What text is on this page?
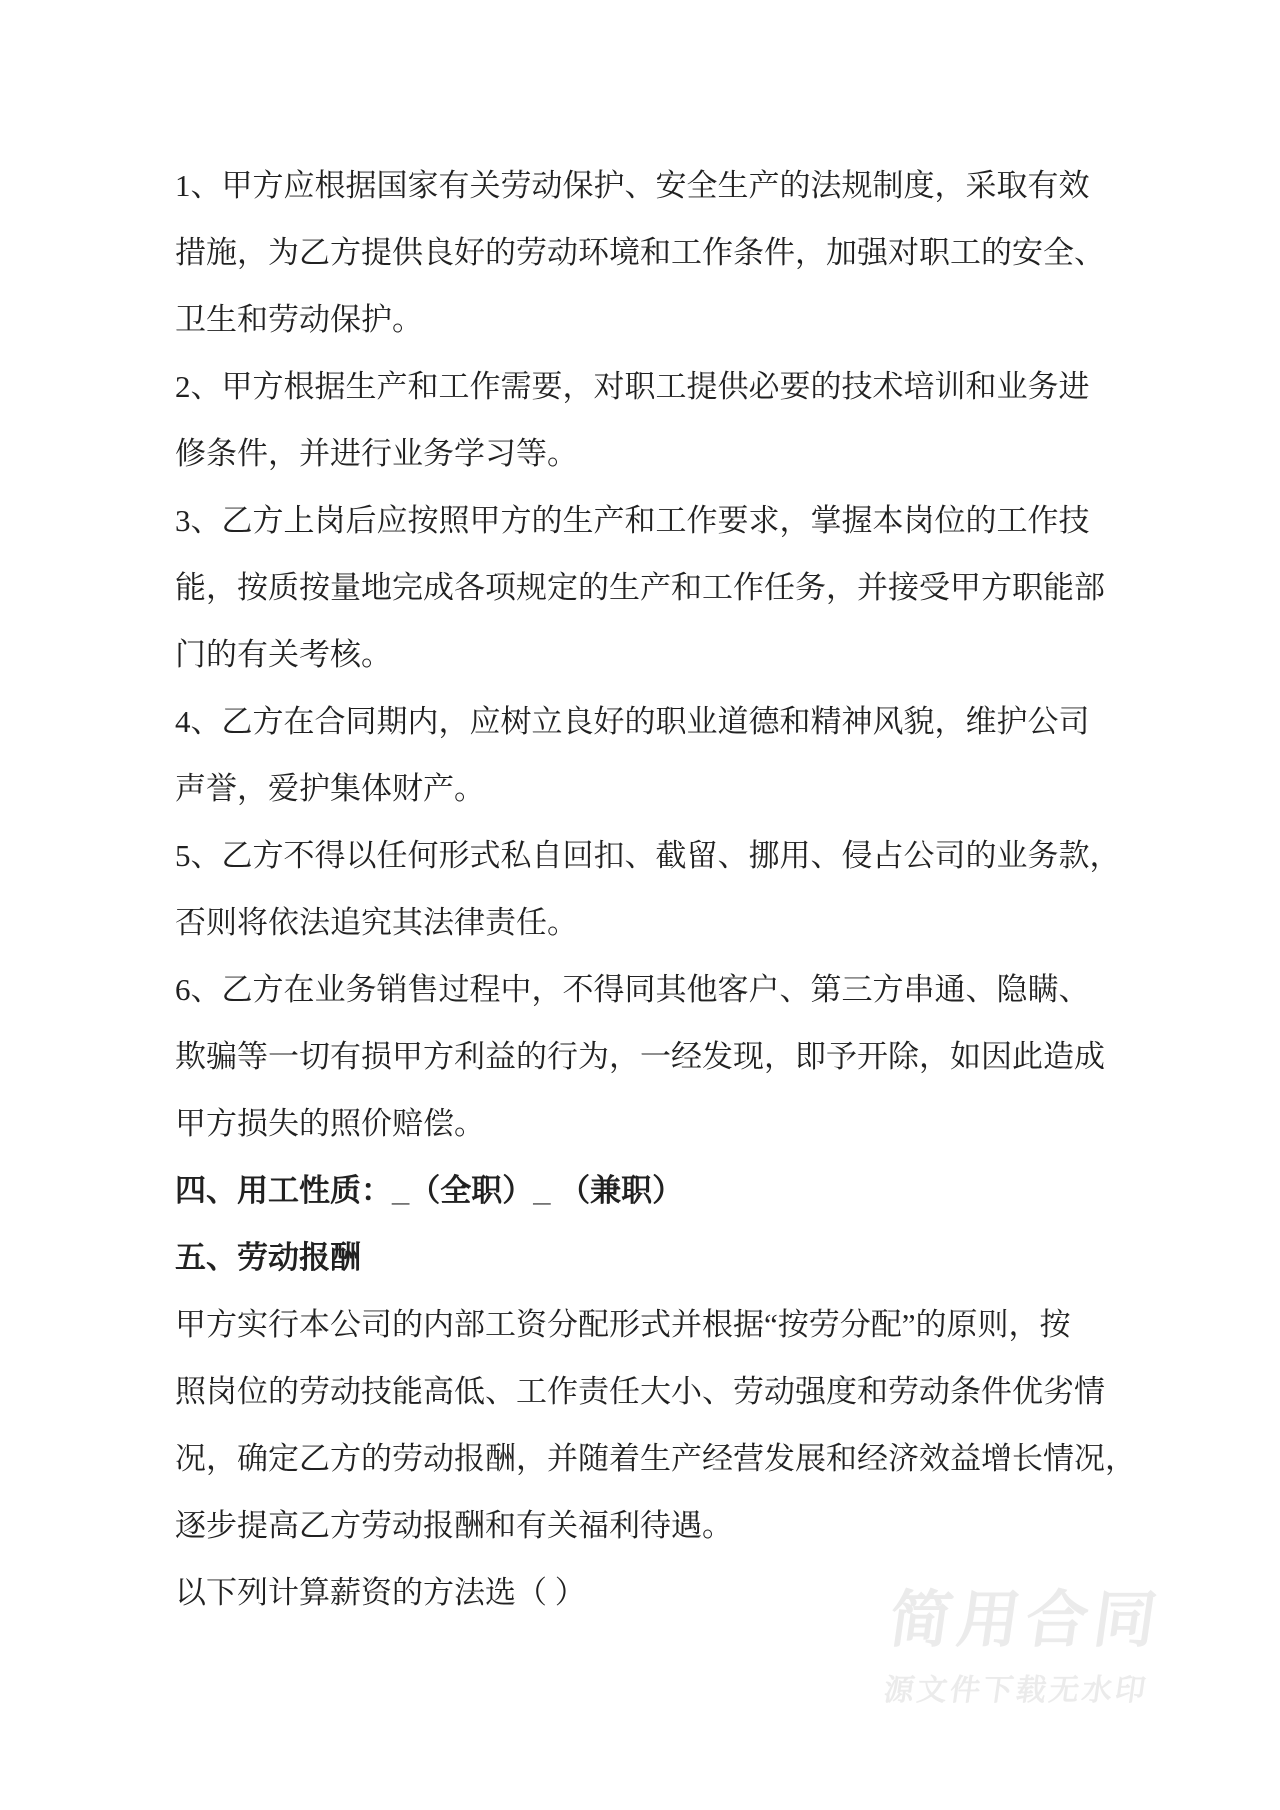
1、甲方应根据国家有关劳动保护、安全生产的法规制度，采取有效
措施，为乙方提供良好的劳动环境和工作条件，加强对职工的安全、
卫生和劳动保护。
2、甲方根据生产和工作需要，对职工提供必要的技术培训和业务进
修条件，并进行业务学习等。
3、乙方上岗后应按照甲方的生产和工作要求，掌握本岗位的工作技
能，按质按量地完成各项规定的生产和工作任务，并接受甲方职能部
门的有关考核。
4、乙方在合同期内，应树立良好的职业道德和精神风貌，维护公司
声誉，爱护集体财产。
5、乙方不得以任何形式私自回扣、截留、挪用、侵占公司的业务款，
否则将依法追究其法律责任。
6、乙方在业务销售过程中，不得同其他客户、第三方串通、隐瞒、
欺骗等一切有损甲方利益的行为，一经发现，即予开除，如因此造成
甲方损失的照价赔偿。
四、用工性质：_（全职）_ （兼职）
五、劳动报酬
甲方实行本公司的内部工资分配形式并根据“按劳分配”的原则，按
照岗位的劳动技能高低、工作责任大小、劳动强度和劳动条件优劣情
况，确定乙方的劳动报酬，并随着生产经营发展和经济效益增长情况，
逐步提高乙方劳动报酬和有关福利待遇。
以下列计算薪资的方法选（ ）	简用合同
源文件下载无水印
